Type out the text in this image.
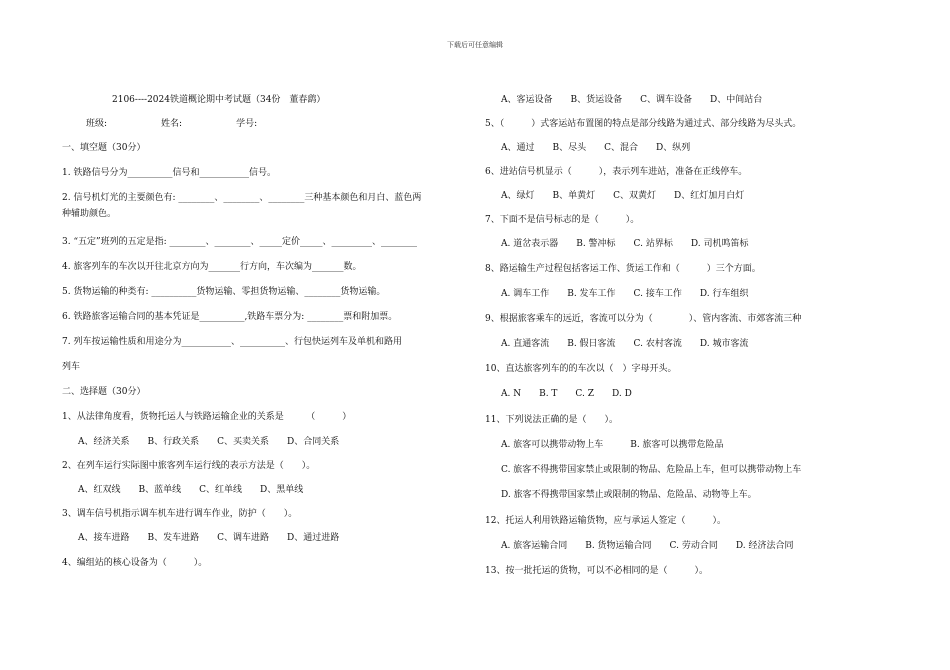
下载后可任意编辑
2106----2024铁道概论期中考试题（34份　董春鹞）
班级:　　　　　　姓名:　　　　　　学号:
一、填空题（30分）
1. 铁路信号分为__________信号和___________信号。
2. 信号机灯光的主要颜色有: ________、________、________三种基本颜色和月白、蓝色两
种辅助颜色。
3. “五定”班列的五定是指: ________、________、_____定价_____、_________、________
4. 旅客列车的车次以开往北京方向为_______行方向，车次编为_______数。
5. 货物运输的种类有: __________货物运输、零担货物运输、________货物运输。
6. 铁路旅客运输合同的基本凭证是__________,铁路车票分为: ________票和附加票。
7. 列车按运输性质和用途分为___________、__________、行包快运列车及单机和路用
列车
二、选择题（30分）
1、从法律角度看，货物托运人与铁路运输企业的关系是　　　（　　　）
A、经济关系　　B、行政关系　　C、买卖关系　　D、合同关系
2、在列车运行实际图中旅客列车运行线的表示方法是（　　）。
A、红双线　　B、蓝单线　　C、红单线　　D、黑单线
3、调车信号机指示调车机车进行调车作业，防护（　　）。
A、接车进路　　B、发车进路　　C、调车进路　　D、通过进路
4、编组站的核心设备为（　　　）。
A、客运设备　　B、货运设备　　C、调车设备　　D、中间站台
5、（　　　）式客运站布置图的特点是部分线路为通过式、部分线路为尽头式。
A、通过　　B、尽头　　C、混合　　D、纵列
6、进站信号机显示（　　　），表示列车进站，准备在正线停车。
A、绿灯　　B、单黄灯　　C、双黄灯　　D、红灯加月白灯
7、下面不是信号标志的是（　　　）。
A. 道岔表示器　　B. 警冲标　　C. 站界标　　D. 司机鸣笛标
8、路运输生产过程包括客运工作、货运工作和（　　　）三个方面。
A. 调车工作　　B. 发车工作　　C. 接车工作　　D. 行车组织
9、根据旅客乘车的远近，客流可以分为（　　　　）、管内客流、市郊客流三种
A. 直通客流　　B. 假日客流　　C. 农村客流　　D. 城市客流
10、直达旅客列车的的车次以（　）字母开头。
A. N　　B. T　　C. Z　　D. D
11、下列说法正确的是（　　）。
A. 旅客可以携带动物上车　　　B. 旅客可以携带危险品
C. 旅客不得携带国家禁止或限制的物品、危险品上车，但可以携带动物上车
D. 旅客不得携带国家禁止或限制的物品、危险品、动物等上车。
12、托运人利用铁路运输货物，应与承运人签定（　　　）。
A. 旅客运输合同　　B. 货物运输合同　　C. 劳动合同　　D. 经济法合同
13、按一批托运的货物，可以不必相同的是（　　　）。
